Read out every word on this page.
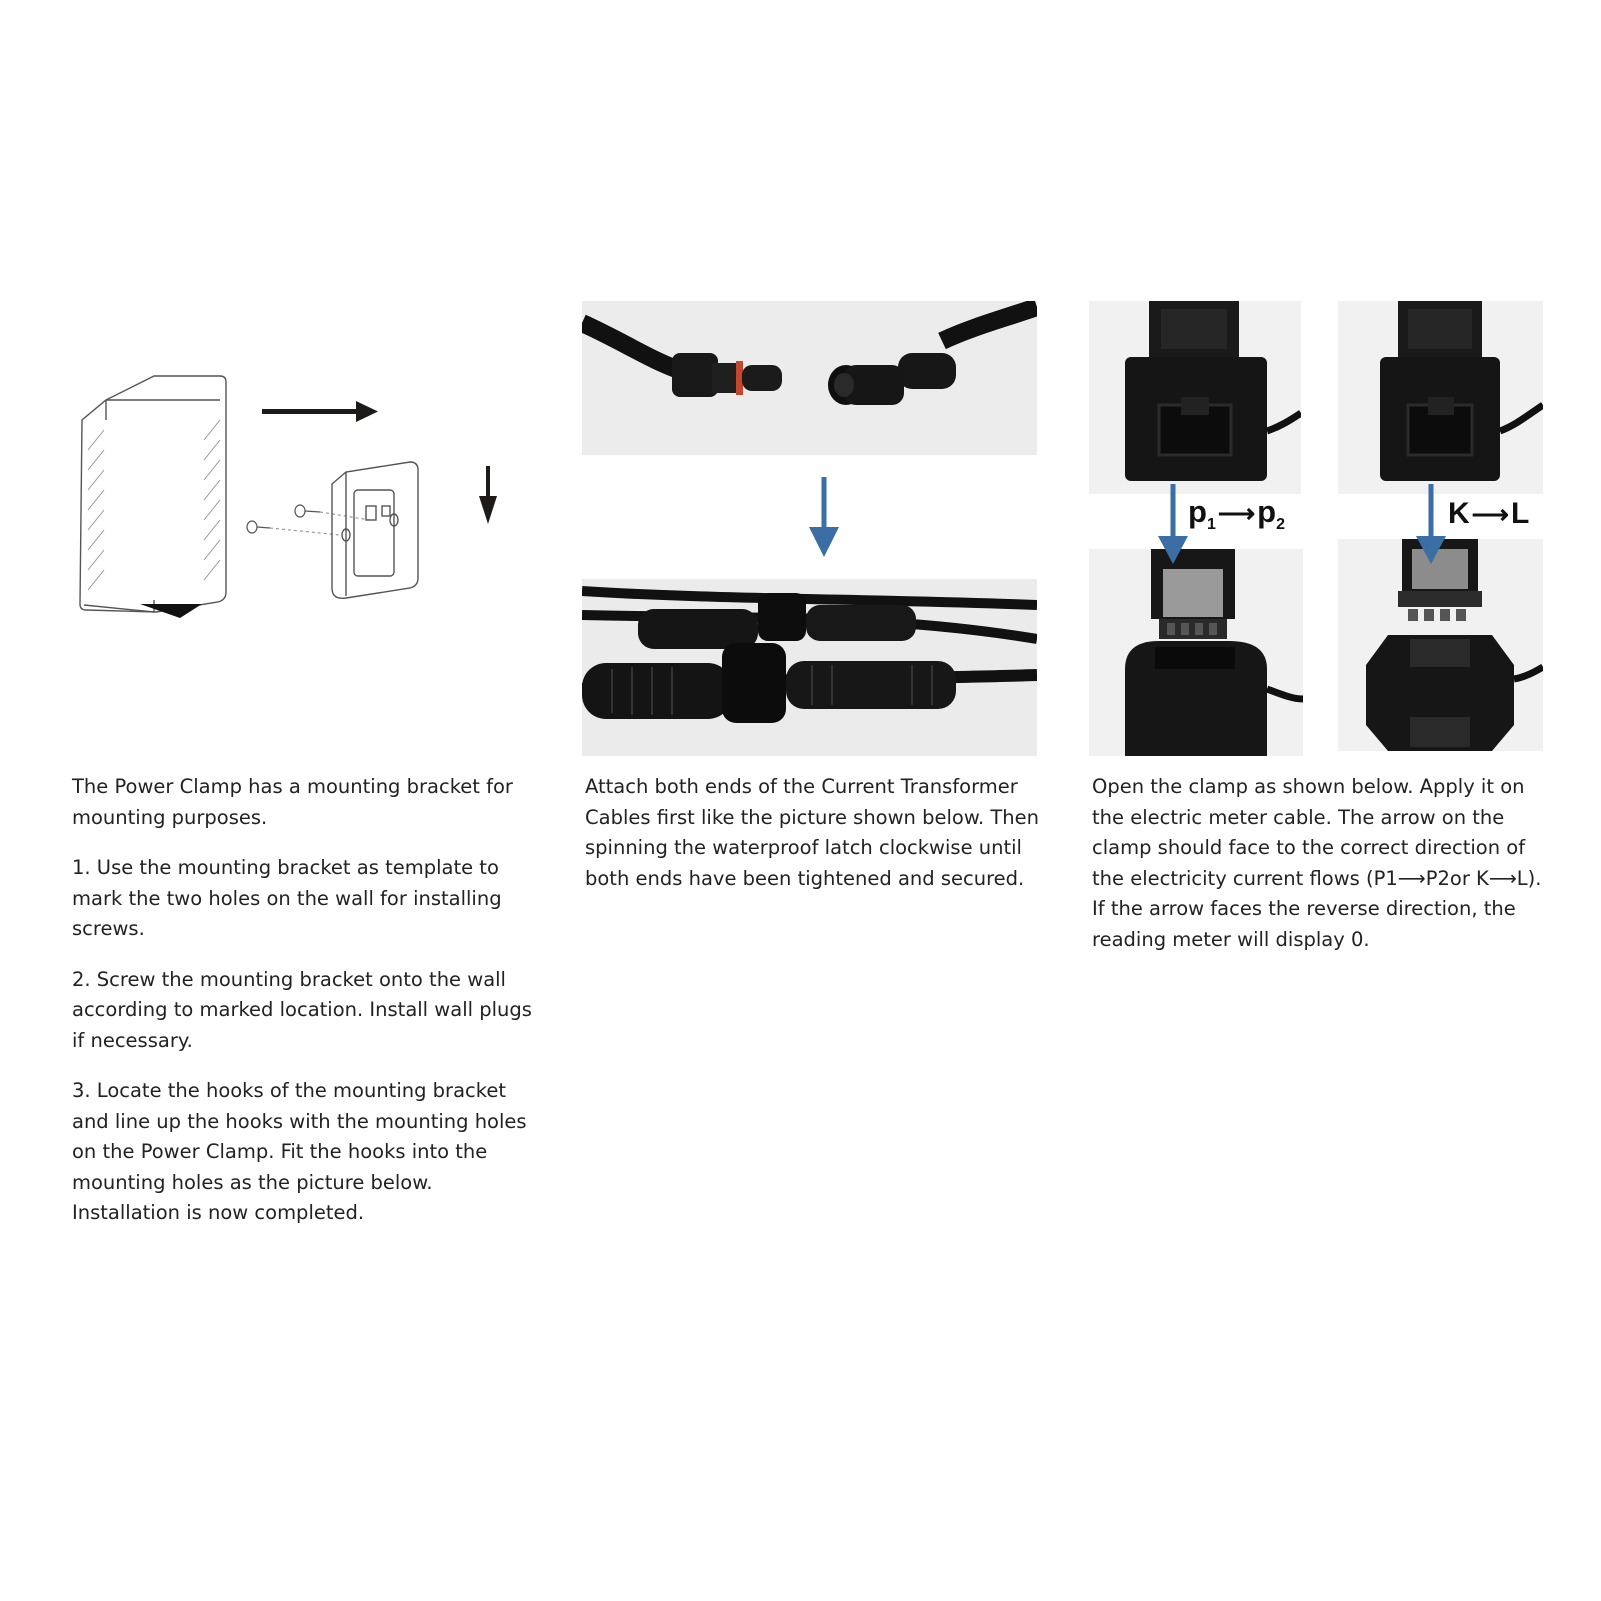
The Power Clamp has a mounting bracket for mounting purposes.

1. Use the mounting bracket as template to mark the two holes on the wall for installing screws.

2. Screw the mounting bracket onto the wall according to marked location. Install wall plugs if necessary.

3. Locate the hooks of the mounting bracket and line up the hooks with the mounting holes on the Power Clamp. Fit the hooks into the mounting holes as the picture below. Installation is now completed.

Attach both ends of the Current Transformer Cables first like the picture shown below. Then spinning the waterproof latch clockwise until both ends have been tightened and secured.

$p_1⟶p_2$	K⟶L

Open the clamp as shown below. Apply it on the electric meter cable. The arrow on the clamp should face to the correct direction of the electricity current flows (P1⟶P2or K⟶L). If the arrow faces the reverse direction, the reading meter will display 0.
